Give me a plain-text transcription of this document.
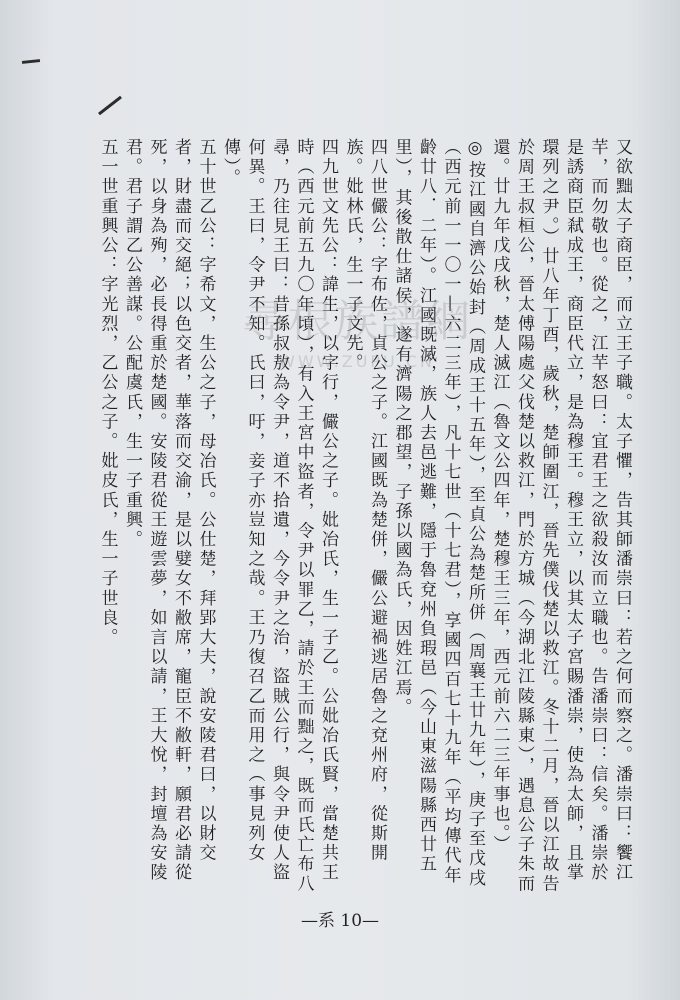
又欲黜太子商臣，而立王子職。太子懼，告其師潘崇曰：若之何而察之。潘崇曰：饗江芉，而勿敬也。從之，江芉怒曰：宜君王之欲殺汝而立職也。告潘崇曰：信矣。潘崇於是誘商臣弒成王，商臣代立，是為穆王。穆王立，以其太子宮賜潘崇，使為太師，且掌環列之尹。）廿八年丁酉，歲秋，楚師圍江，晉先僕伐楚以救江。冬十二月，晉以江故告於周王叔桓公，晉太傅陽處父伐楚以救江，門於方城（今湖北江陵縣東），遇息公子朱而還。廿九年戊戌秋，楚人滅江（魯文公四年，楚穆王三年，西元前六二三年事也。）

◎按江國自濟公始封（周成王十五年），至貞公為楚所併（周襄王廿九年），庚子至戊戌（西元前一一〇一—六二三年），凡十七世（十七君），享國四百七十九年（平均傳代年齡廿八．二年）。江國既滅，族人去邑逃難，隱于魯兗州負瑕邑（今山東滋陽縣西廿五里），其後散仕諸侯，遂有濟陽之郡望，子孫以國為氏，因姓江焉。

四八世儼公：字布佐，貞公之子。江國既為楚併，儼公避禍逃居魯之兗州府，從斯開族。妣林氏，生一子文先。

四九世文先公：諱生，以字行，儼公之子。妣冶氏，生一子乙。公妣冶氏賢，當楚共王時（西元前五九〇年頃），有入王宮中盜者，令尹以罪乙，請於王而黜之，既而氏亡布八尋，乃往見王曰：昔孫叔敖為令尹，道不拾遺，今令尹之治，盜賊公行，與令尹使人盜何異。王曰，令尹不知。氏曰，吁，妾子亦豈知之哉。王乃復召乙而用之（事見列女傳）。

五十世乙公：字希文，生公之子，母冶氏。公仕楚，拜郢大夫，說安陵君曰，以財交者，財盡而交絕；以色交者，華落而交渝，是以嬖女不敝席，寵臣不敝軒，願君必請從死，以身為殉，必長得重於楚國。安陵君從王遊雲夢，如言以請，王大悅，封壇為安陵君。君子謂乙公善謀。公配虞氏，生一子重興。

五一世重興公：字光烈，乙公之子。妣皮氏，生一子世良。	尋根族譜網
WWW.ZUPU.CN
—系 10—
